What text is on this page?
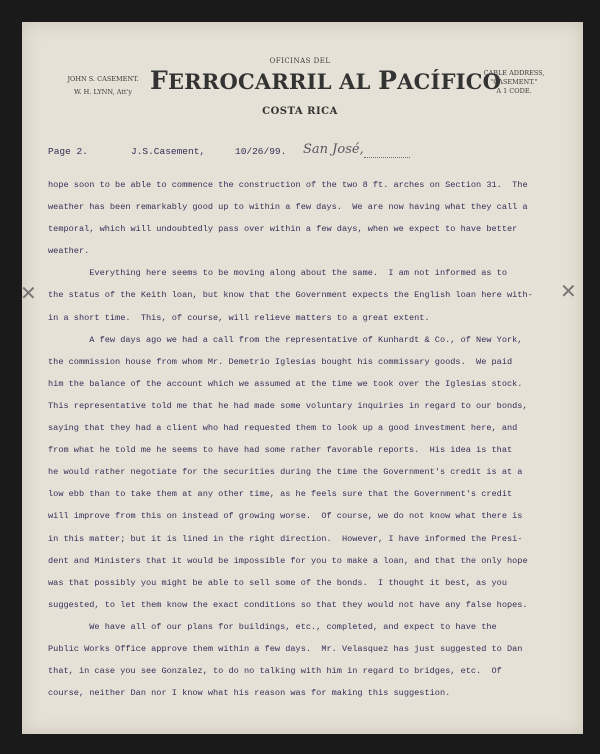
JOHN S. CASEMENT.
W. H. LYNN, Att'y
OFICINAS DEL
FERROCARRIL AL PACÍFICO
COSTA RICA
CABLE ADDRESS,
"CASEMENT."
A 1 CODE.
Page 2.	J.S.Casement,	10/26/99. San José,
hope soon to be able to commence the construction of the two 8 ft. arches on Section 31.  The
weather has been remarkably good up to within a few days.  We are now having what they call a
temporal, which will undoubtedly pass over within a few days, when we expect to have better
weather.
Everything here seems to be moving along about the same.  I am not informed as to
the status of the Keith loan, but know that the Government expects the English loan here with-
in a short time.  This, of course, will relieve matters to a great extent.
A few days ago we had a call from the representative of Kunhardt & Co., of New York,
the commission house from whom Mr. Demetrio Iglesias bought his commissary goods.  We paid
him the balance of the account which we assumed at the time we took over the Iglesias stock.
This representative told me that he had made some voluntary inquiries in regard to our bonds,
saying that they had a client who had requested them to look up a good investment here, and
from what he told me he seems to have had some rather favorable reports.  His idea is that
he would rather negotiate for the securities during the time the Government's credit is at a
low ebb than to take them at any other time, as he feels sure that the Government's credit
will improve from this on instead of growing worse.  Of course, we do not know what there is
in this matter; but it is lined in the right direction.  However, I have informed the Presi-
dent and Ministers that it would be impossible for you to make a loan, and that the only hope
was that possibly you might be able to sell some of the bonds.  I thought it best, as you
suggested, to let them know the exact conditions so that they would not have any false hopes.
We have all of our plans for buildings, etc., completed, and expect to have the
Public Works Office approve them within a few days.  Mr. Velasquez has just suggested to Dan
that, in case you see Gonzalez, to do no talking with him in regard to bridges, etc.  Of
course, neither Dan nor I know what his reason was for making this suggestion.
✕	✕
